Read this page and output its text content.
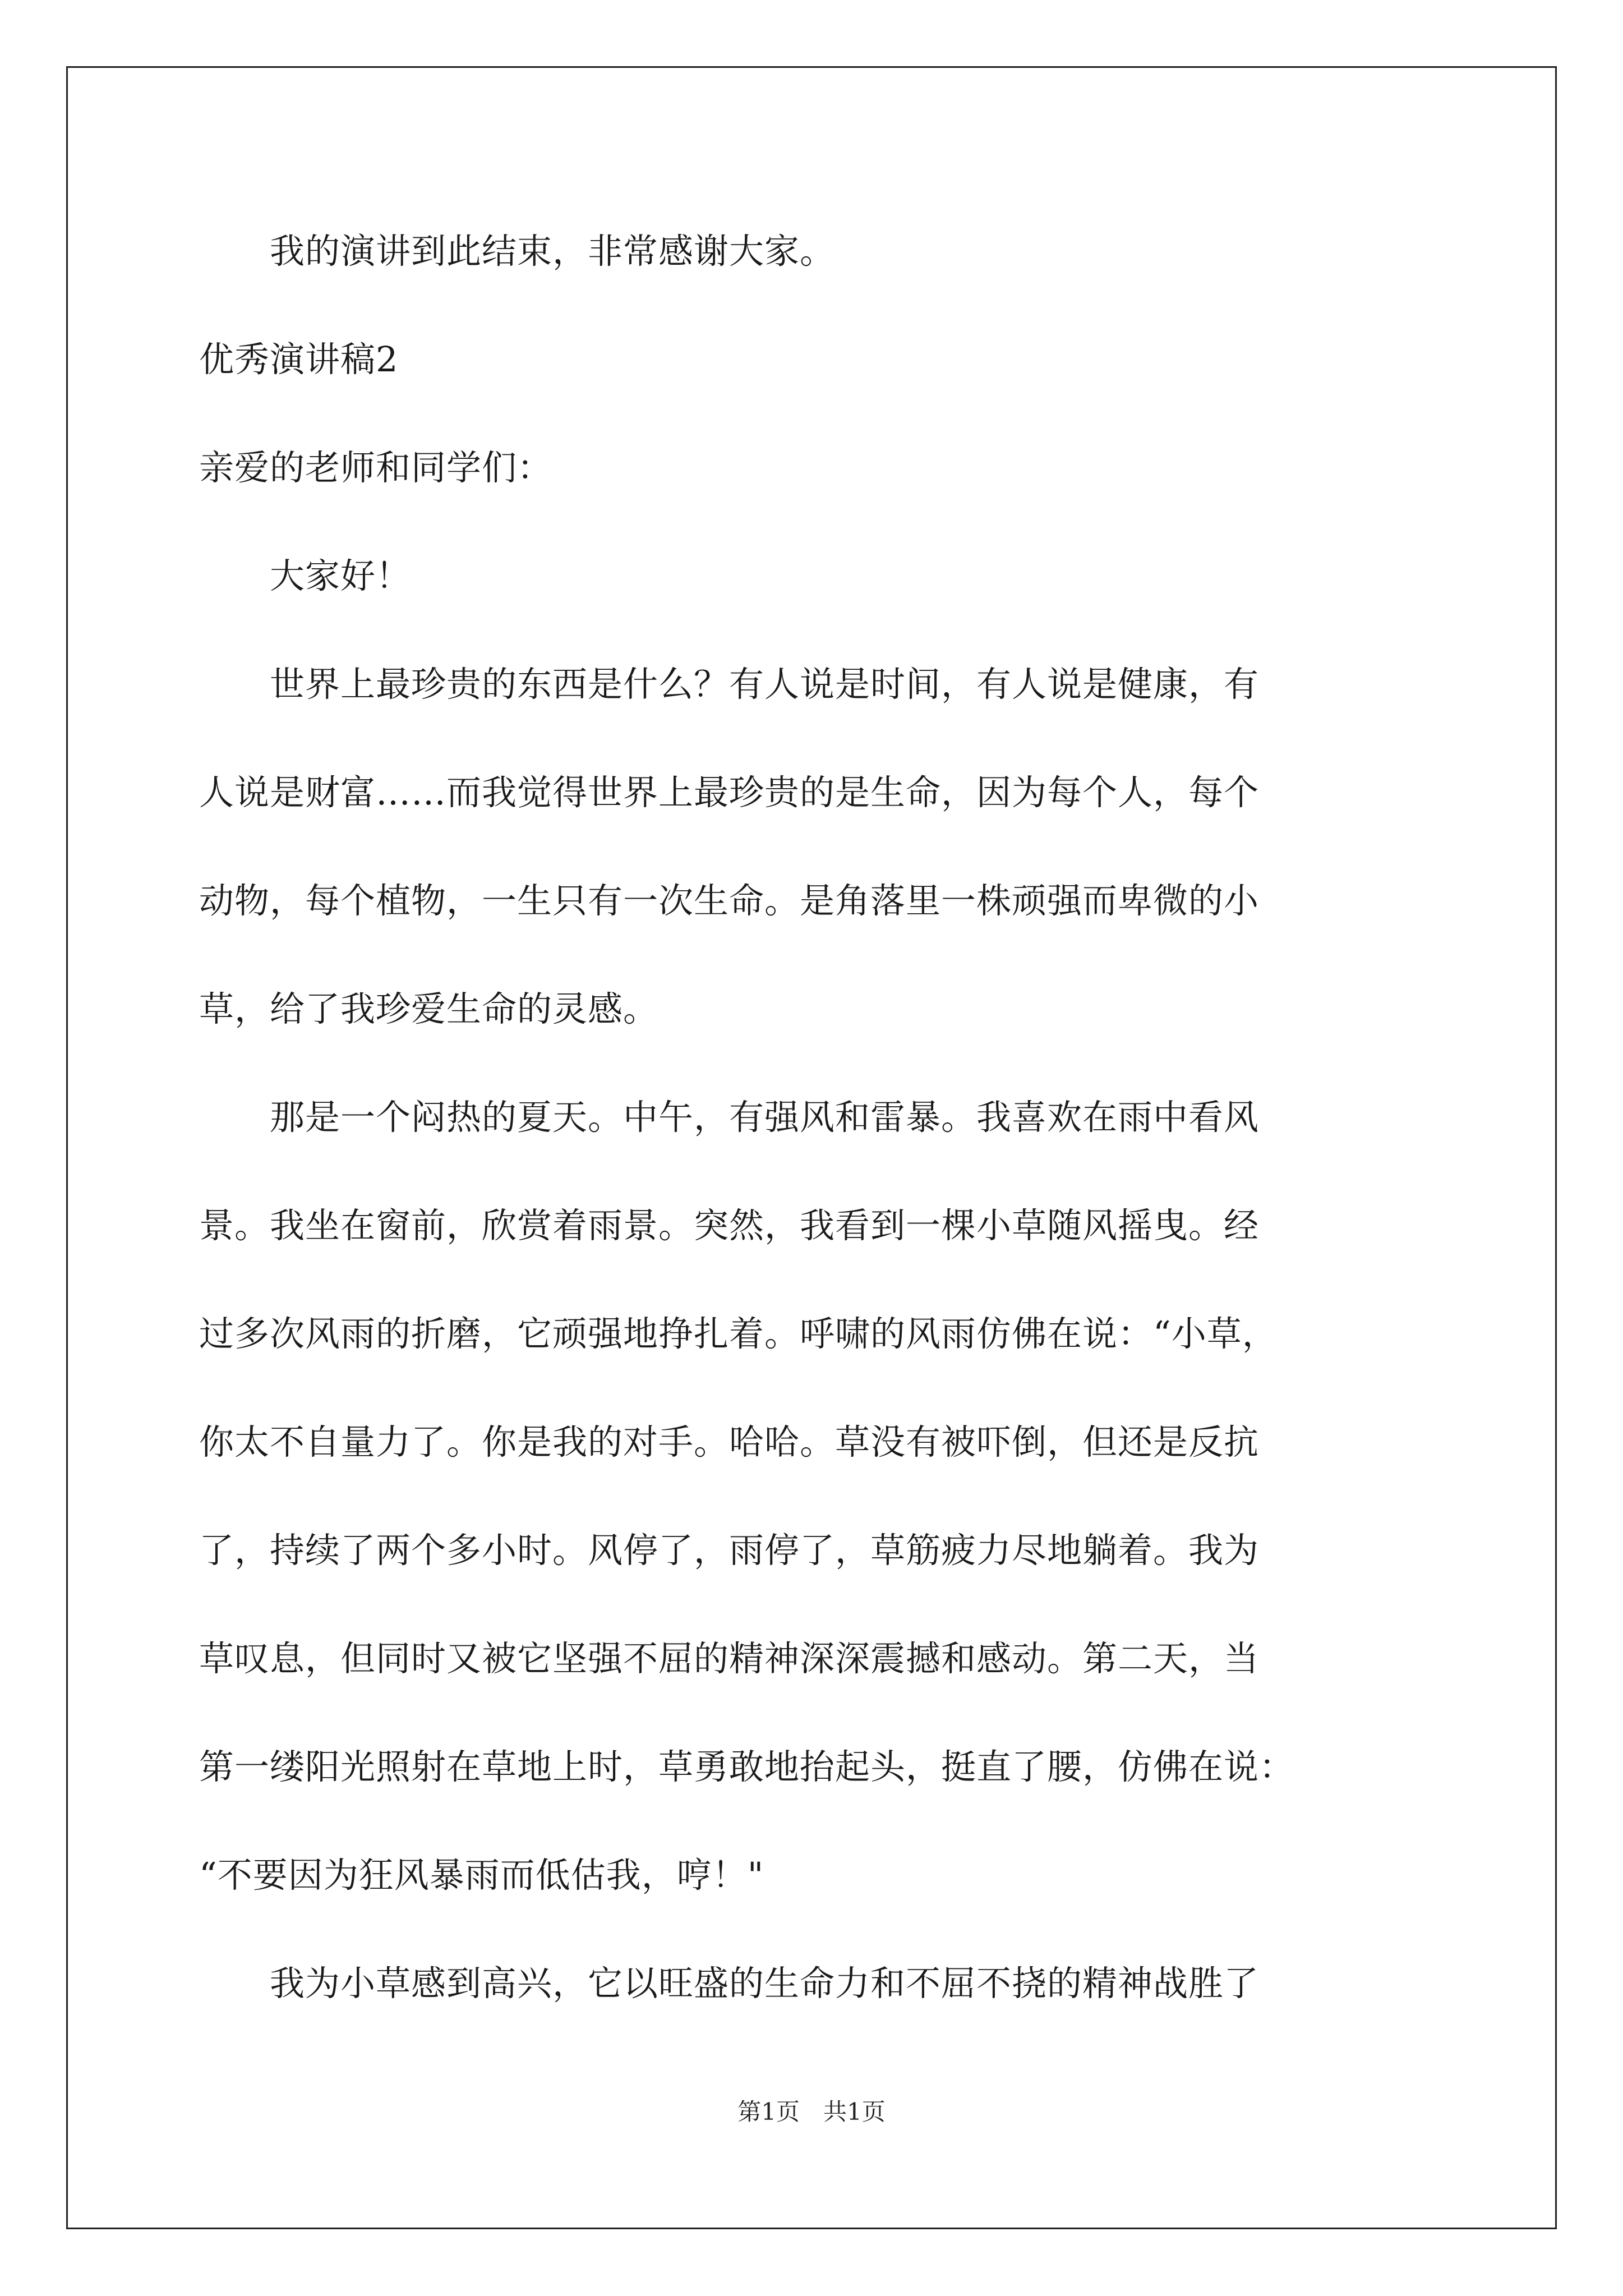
　　我的演讲到此结束，非常感谢大家。
优秀演讲稿2
亲爱的老师和同学们：
　　大家好！
　　世界上最珍贵的东西是什么？有人说是时间，有人说是健康，有
人说是财富……而我觉得世界上最珍贵的是生命，因为每个人，每个
动物，每个植物，一生只有一次生命。是角落里一株顽强而卑微的小
草，给了我珍爱生命的灵感。
　　那是一个闷热的夏天。中午，有强风和雷暴。我喜欢在雨中看风
景。我坐在窗前，欣赏着雨景。突然，我看到一棵小草随风摇曳。经
过多次风雨的折磨，它顽强地挣扎着。呼啸的风雨仿佛在说：“小草，
你太不自量力了。你是我的对手。哈哈。草没有被吓倒，但还是反抗
了，持续了两个多小时。风停了，雨停了，草筋疲力尽地躺着。我为
草叹息，但同时又被它坚强不屈的精神深深震撼和感动。第二天，当
第一缕阳光照射在草地上时，草勇敢地抬起头，挺直了腰，仿佛在说：
“不要因为狂风暴雨而低估我，哼！"
　　我为小草感到高兴，它以旺盛的生命力和不屈不挠的精神战胜了
第1页　共1页
